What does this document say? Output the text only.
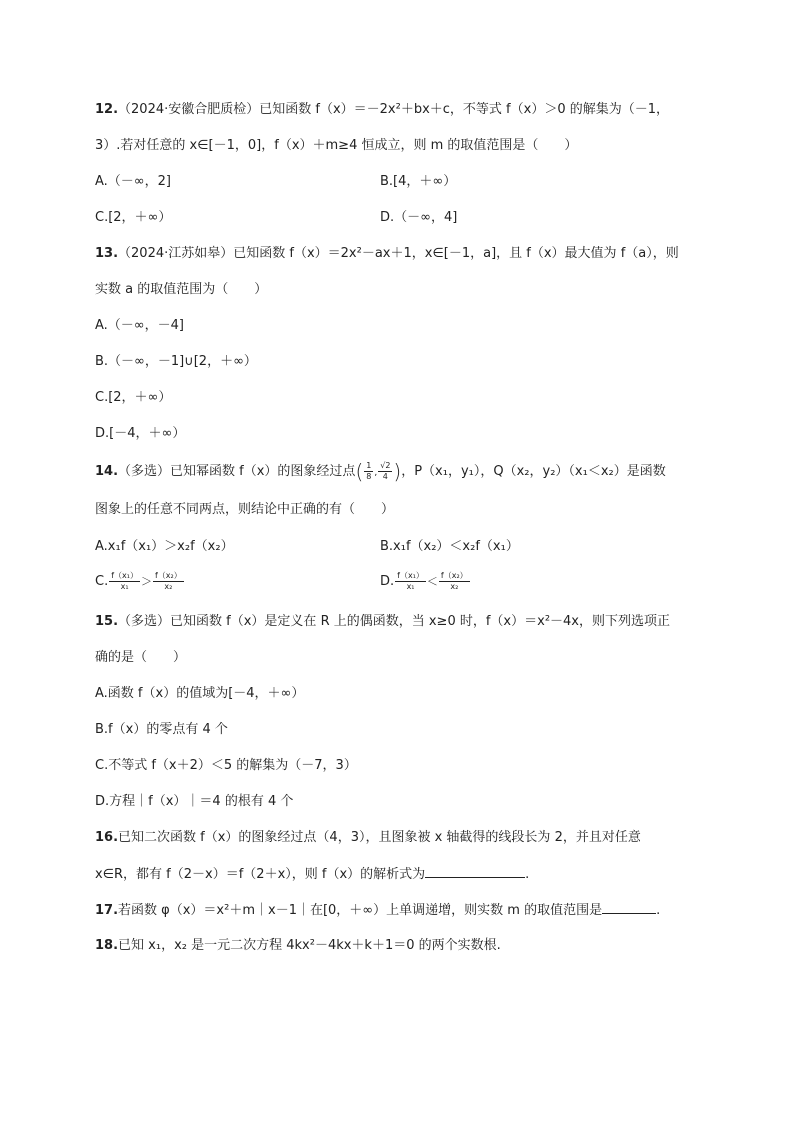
12.（2024·安徽合肥质检）已知函数 f（x）＝－2x²＋bx＋c，不等式 f（x）＞0 的解集为（－1，
3）.若对任意的 x∈[－1，0]，f（x）＋m≥4 恒成立，则 m 的取值范围是（　　）
A.（－∞，2]	B.[4，＋∞）
C.[2，＋∞）	D.（－∞，4]
13.（2024·江苏如皋）已知函数 f（x）＝2x²－ax＋1，x∈[－1，a]，且 f（x）最大值为 f（a），则
实数 a 的取值范围为（　　）
A.（－∞，－4]
B.（－∞，－1]∪[2，＋∞）
C.[2，＋∞）
D.[－4，＋∞）
14.（多选）已知幂函数 f（x）的图象经过点( $\frac{1}{8}$ , $\frac{√2}{4}$ )，P（x₁，y₁），Q（x₂，y₂）（x₁＜x₂）是函数
图象上的任意不同两点，则结论中正确的有（　　）
A.x₁f（x₁）＞x₂f（x₂）	B.x₁f（x₂）＜x₂f（x₁）
C. $\frac{\text{f（x₁）}}{\text{x₁}} > \frac{\text{f（x₂）}}{\text{x₂}}$	D. $\frac{\text{f（x₁）}}{\text{x₁}} < \frac{\text{f（x₂）}}{\text{x₂}}$
15.（多选）已知函数 f（x）是定义在 R 上的偶函数，当 x≥0 时，f（x）＝x²－4x，则下列选项正
确的是（　　）
A.函数 f（x）的值域为[－4，＋∞）
B.f（x）的零点有 4 个
C.不等式 f（x＋2）＜5 的解集为（－7，3）
D.方程｜f（x）｜＝4 的根有 4 个
16.已知二次函数 f（x）的图象经过点（4，3），且图象被 x 轴截得的线段长为 2，并且对任意
x∈R，都有 f（2－x）＝f（2＋x），则 f（x）的解析式为	.
17.若函数 φ（x）＝x²＋m｜x－1｜在[0，＋∞）上单调递增，则实数 m 的取值范围是	.
18.已知 x₁，x₂ 是一元二次方程 4kx²－4kx＋k＋1＝0 的两个实数根.
